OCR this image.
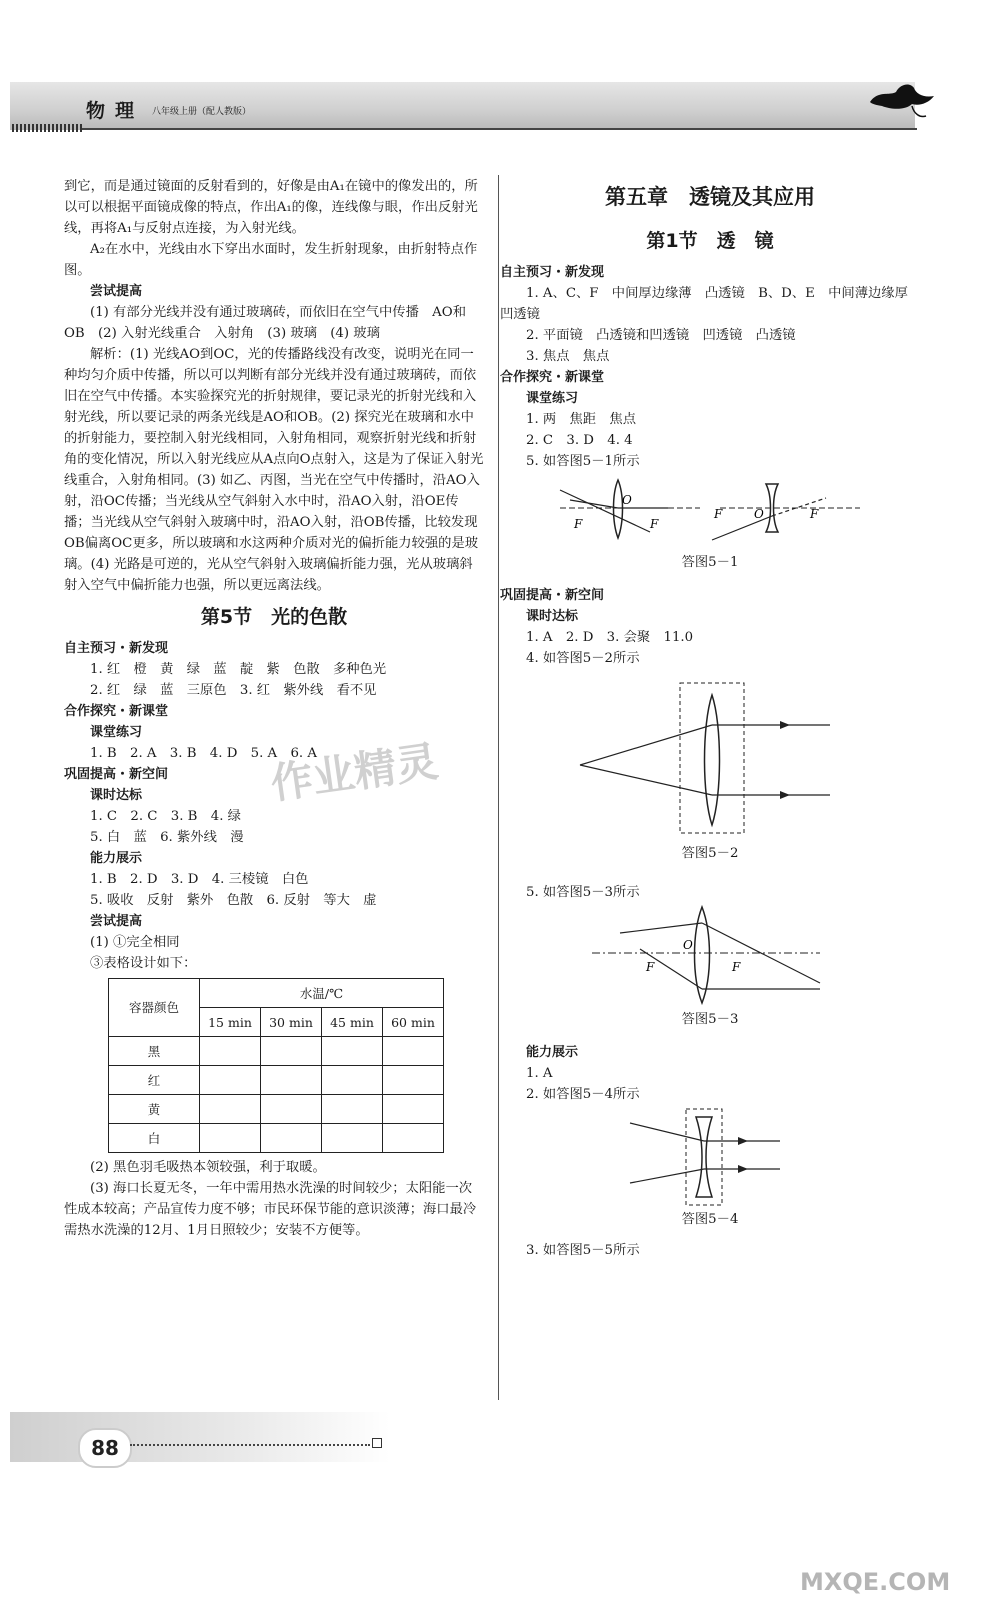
物理 八年级上册（配人教版）

到它，而是通过镜面的反射看到的，好像是由A₁在镜中的像发出的，所以可以根据平面镜成像的特点，作出A₁的像，连线像与眼，作出反射光线，再将A₁与反射点连接，为入射光线。

A₂在水中，光线由水下穿出水面时，发生折射现象，由折射特点作图。

尝试提高

(1) 有部分光线并没有通过玻璃砖，而依旧在空气中传播　AO和OB　(2) 入射光线重合　入射角　(3) 玻璃　(4) 玻璃

解析：(1) 光线AO到OC，光的传播路线没有改变，说明光在同一种均匀介质中传播，所以可以判断有部分光线并没有通过玻璃砖，而依旧在空气中传播。本实验探究光的折射规律，要记录光的折射光线和入射光线，所以要记录的两条光线是AO和OB。(2) 探究光在玻璃和水中的折射能力，要控制入射光线相同，入射角相同，观察折射光线和折射角的变化情况，所以入射光线应从A点向O点射入，这是为了保证入射光线重合，入射角相同。(3) 如乙、丙图，当光在空气中传播时，沿AO入射，沿OC传播；当光线从空气斜射入水中时，沿AO入射，沿OE传播；当光线从空气斜射入玻璃中时，沿AO入射，沿OB传播，比较发现OB偏离OC更多，所以玻璃和水这两种介质对光的偏折能力较强的是玻璃。(4) 光路是可逆的，光从空气斜射入玻璃偏折能力强，光从玻璃斜射入空气中偏折能力也强，所以更远离法线。

第5节　光的色散

自主预习・新发现

1. 红　橙　黄　绿　蓝　靛　紫　色散　多种色光

2. 红　绿　蓝　三原色　3. 红　紫外线　看不见

合作探究・新课堂

课堂练习

1. B　2. A　3. B　4. D　5. A　6. A

巩固提高・新空间

课时达标

1. C　2. C　3. B　4. 绿

5. 白　蓝　6. 紫外线　漫

能力展示

1. B　2. D　3. D　4. 三棱镜　白色

5. 吸收　反射　紫外　色散　6. 反射　等大　虚

尝试提高

(1) ①完全相同

③表格设计如下：

容器颜色	水温/℃			
	15 min	30 min	45 min	60 min
黑				
红				
黄				
白				

(2) 黑色羽毛吸热本领较强，利于取暖。

(3) 海口长夏无冬，一年中需用热水洗澡的时间较少；太阳能一次性成本较高；产品宣传力度不够；市民环保节能的意识淡薄；海口最冷需热水洗澡的12月、1月日照较少；安装不方便等。

第五章　透镜及其应用

第1节　透　镜

自主预习・新发现

1. A、C、F　中间厚边缘薄　凸透镜　B、D、E　中间薄边缘厚　凹透镜

2. 平面镜　凸透镜和凹透镜　凹透镜　凸透镜

3. 焦点　焦点

合作探究・新课堂

课堂练习

1. 两　焦距　焦点

2. C　3. D　4. 4

5. 如答图5－1所示

O
F	F
F	O	F

答图5－1

巩固提高・新空间

课时达标

1. A　2. D　3. 会聚　11.0

4. 如答图5－2所示

答图5－2

5. 如答图5－3所示

O
F	F

答图5－3

能力展示

1. A

2. 如答图5－4所示

答图5－4

3. 如答图5－5所示

88
作业精灵
MXQE.COM
